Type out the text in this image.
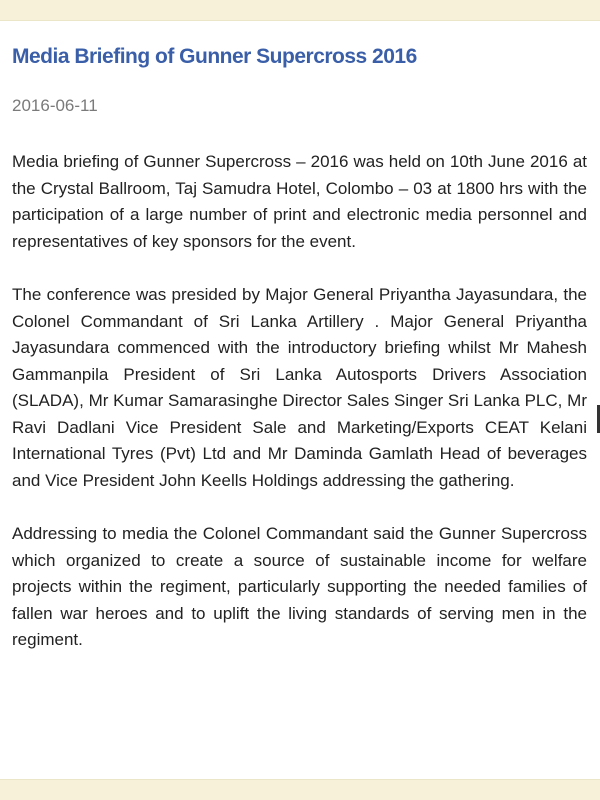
Media Briefing of Gunner Supercross 2016
2016-06-11

Media briefing of Gunner Supercross – 2016 was held on 10th June 2016 at the Crystal Ballroom, Taj Samudra Hotel, Colombo – 03 at 1800 hrs with the participation of a large number of print and electronic media personnel and representatives of key sponsors for the event.

The conference was presided by Major General Priyantha Jayasundara, the Colonel Commandant of Sri Lanka Artillery . Major General Priyantha Jayasundara commenced with the introductory briefing whilst Mr Mahesh Gammanpila President of Sri Lanka Autosports Drivers Association (SLADA), Mr Kumar Samarasinghe Director Sales Singer Sri Lanka PLC, Mr Ravi Dadlani Vice President Sale and Marketing/Exports CEAT Kelani International Tyres (Pvt) Ltd and Mr Daminda Gamlath Head of beverages and Vice President John Keells Holdings addressing the gathering.

Addressing to media the Colonel Commandant said the Gunner Supercross which organized to create a source of sustainable income for welfare projects within the regiment, particularly supporting the needed families of fallen war heroes and to uplift the living standards of serving men in the regiment.
